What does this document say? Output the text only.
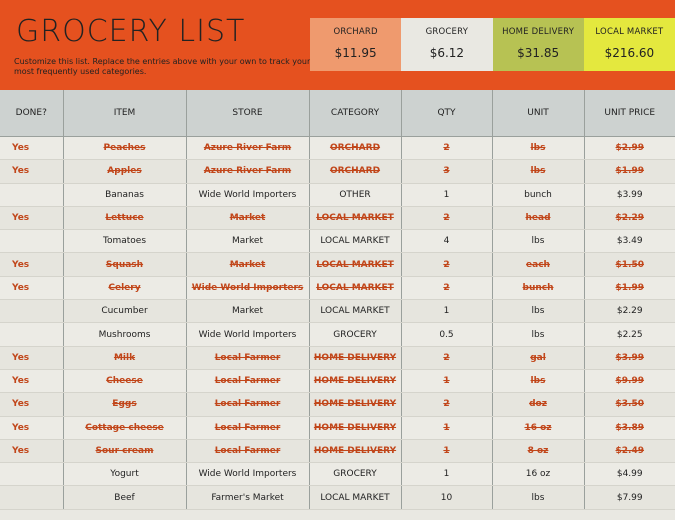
GROCERY LIST
Customize this list. Replace the entries above with your own to track your most frequently used categories.
ORCHARD
$11.95
GROCERY
$6.12
HOME DELIVERY
$31.85
LOCAL MARKET
$216.60
DONE?	ITEM	STORE	CATEGORY	QTY	UNIT	UNIT PRICE
Yes	Peaches	Azure River Farm	ORCHARD	2	lbs	$2.99
Yes	Apples	Azure River Farm	ORCHARD	3	lbs	$1.99
	Bananas	Wide World Importers	OTHER	1	bunch	$3.99
Yes	Lettuce	Market	LOCAL MARKET	2	head	$2.29
	Tomatoes	Market	LOCAL MARKET	4	lbs	$3.49
Yes	Squash	Market	LOCAL MARKET	2	each	$1.50
Yes	Celery	Wide World Importers	LOCAL MARKET	2	bunch	$1.99
	Cucumber	Market	LOCAL MARKET	1	lbs	$2.29
	Mushrooms	Wide World Importers	GROCERY	0.5	lbs	$2.25
Yes	Milk	Local Farmer	HOME DELIVERY	2	gal	$3.99
Yes	Cheese	Local Farmer	HOME DELIVERY	1	lbs	$9.99
Yes	Eggs	Local Farmer	HOME DELIVERY	2	doz	$3.50
Yes	Cottage cheese	Local Farmer	HOME DELIVERY	1	16 oz	$3.89
Yes	Sour cream	Local Farmer	HOME DELIVERY	1	8 oz	$2.49
	Yogurt	Wide World Importers	GROCERY	1	16 oz	$4.99
	Beef	Farmer's Market	LOCAL MARKET	10	lbs	$7.99
